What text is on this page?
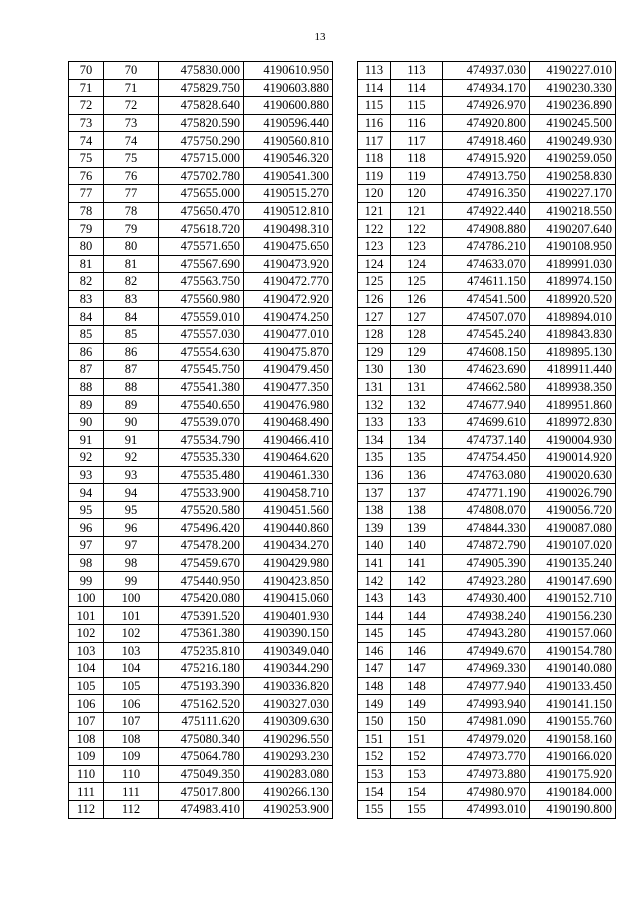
13
70	70	475830.000	4190610.950
71	71	475829.750	4190603.880
72	72	475828.640	4190600.880
73	73	475820.590	4190596.440
74	74	475750.290	4190560.810
75	75	475715.000	4190546.320
76	76	475702.780	4190541.300
77	77	475655.000	4190515.270
78	78	475650.470	4190512.810
79	79	475618.720	4190498.310
80	80	475571.650	4190475.650
81	81	475567.690	4190473.920
82	82	475563.750	4190472.770
83	83	475560.980	4190472.920
84	84	475559.010	4190474.250
85	85	475557.030	4190477.010
86	86	475554.630	4190475.870
87	87	475545.750	4190479.450
88	88	475541.380	4190477.350
89	89	475540.650	4190476.980
90	90	475539.070	4190468.490
91	91	475534.790	4190466.410
92	92	475535.330	4190464.620
93	93	475535.480	4190461.330
94	94	475533.900	4190458.710
95	95	475520.580	4190451.560
96	96	475496.420	4190440.860
97	97	475478.200	4190434.270
98	98	475459.670	4190429.980
99	99	475440.950	4190423.850
100	100	475420.080	4190415.060
101	101	475391.520	4190401.930
102	102	475361.380	4190390.150
103	103	475235.810	4190349.040
104	104	475216.180	4190344.290
105	105	475193.390	4190336.820
106	106	475162.520	4190327.030
107	107	475111.620	4190309.630
108	108	475080.340	4190296.550
109	109	475064.780	4190293.230
110	110	475049.350	4190283.080
111	111	475017.800	4190266.130
112	112	474983.410	4190253.900
113	113	474937.030	4190227.010
114	114	474934.170	4190230.330
115	115	474926.970	4190236.890
116	116	474920.800	4190245.500
117	117	474918.460	4190249.930
118	118	474915.920	4190259.050
119	119	474913.750	4190258.830
120	120	474916.350	4190227.170
121	121	474922.440	4190218.550
122	122	474908.880	4190207.640
123	123	474786.210	4190108.950
124	124	474633.070	4189991.030
125	125	474611.150	4189974.150
126	126	474541.500	4189920.520
127	127	474507.070	4189894.010
128	128	474545.240	4189843.830
129	129	474608.150	4189895.130
130	130	474623.690	4189911.440
131	131	474662.580	4189938.350
132	132	474677.940	4189951.860
133	133	474699.610	4189972.830
134	134	474737.140	4190004.930
135	135	474754.450	4190014.920
136	136	474763.080	4190020.630
137	137	474771.190	4190026.790
138	138	474808.070	4190056.720
139	139	474844.330	4190087.080
140	140	474872.790	4190107.020
141	141	474905.390	4190135.240
142	142	474923.280	4190147.690
143	143	474930.400	4190152.710
144	144	474938.240	4190156.230
145	145	474943.280	4190157.060
146	146	474949.670	4190154.780
147	147	474969.330	4190140.080
148	148	474977.940	4190133.450
149	149	474993.940	4190141.150
150	150	474981.090	4190155.760
151	151	474979.020	4190158.160
152	152	474973.770	4190166.020
153	153	474973.880	4190175.920
154	154	474980.970	4190184.000
155	155	474993.010	4190190.800
